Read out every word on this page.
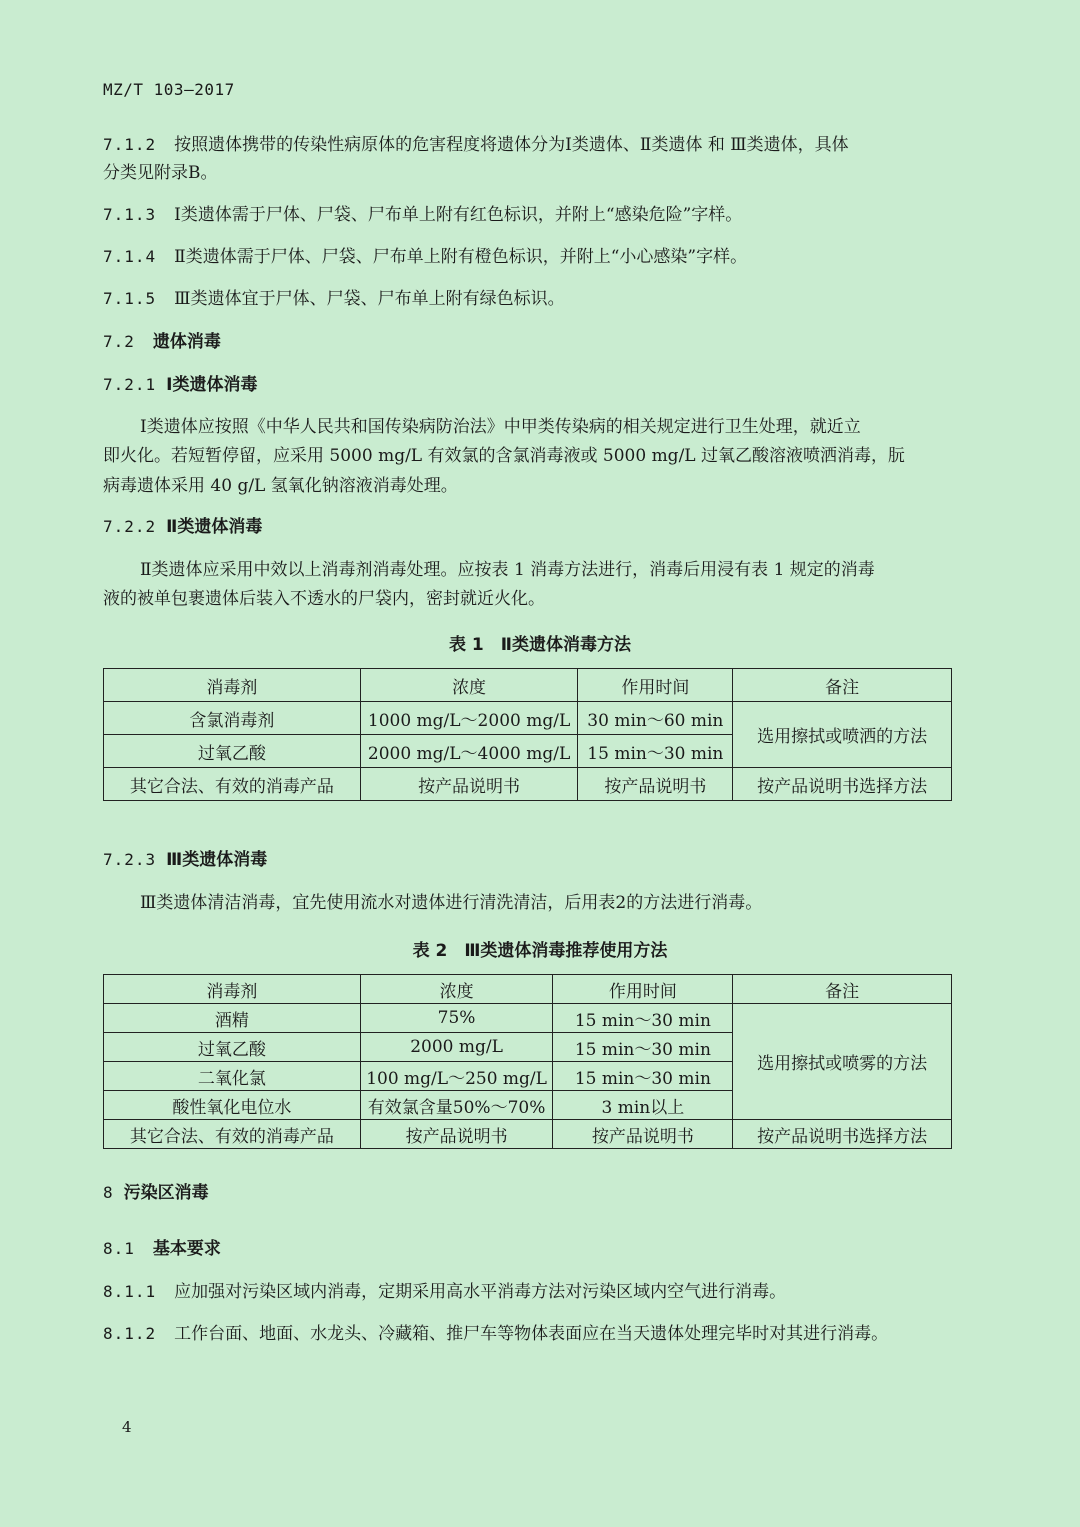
MZ/T 103—2017
7.1.2 按照遗体携带的传染性病原体的危害程度将遗体分为Ⅰ类遗体、Ⅱ类遗体 和 Ⅲ类遗体，具体
分类见附录B。
7.1.3 Ⅰ类遗体需于尸体、尸袋、尸布单上附有红色标识，并附上“感染危险”字样。
7.1.4 Ⅱ类遗体需于尸体、尸袋、尸布单上附有橙色标识，并附上“小心感染”字样。
7.1.5 Ⅲ类遗体宜于尸体、尸袋、尸布单上附有绿色标识。
7.2 遗体消毒
7.2.1 Ⅰ类遗体消毒
Ⅰ类遗体应按照《中华人民共和国传染病防治法》中甲类传染病的相关规定进行卫生处理，就近立
即火化。若短暂停留，应采用 5000 mg/L 有效氯的含氯消毒液或 5000 mg/L 过氧乙酸溶液喷洒消毒，朊
病毒遗体采用 40 g/L 氢氧化钠溶液消毒处理。
7.2.2 Ⅱ类遗体消毒
Ⅱ类遗体应采用中效以上消毒剂消毒处理。应按表 1 消毒方法进行，消毒后用浸有表 1 规定的消毒
液的被单包裹遗体后装入不透水的尸袋内，密封就近火化。
表 1　Ⅱ类遗体消毒方法
消毒剂	浓度	作用时间	备注
含氯消毒剂	1000 mg/L～2000 mg/L	30 min～60 min	选用擦拭或喷洒的方法
过氧乙酸	2000 mg/L～4000 mg/L	15 min～30 min	
其它合法、有效的消毒产品	按产品说明书	按产品说明书	按产品说明书选择方法
7.2.3 Ⅲ类遗体消毒
Ⅲ类遗体清洁消毒，宜先使用流水对遗体进行清洗清洁，后用表2的方法进行消毒。
表 2　Ⅲ类遗体消毒推荐使用方法
消毒剂	浓度	作用时间	备注
酒精	75%	15 min～30 min	选用擦拭或喷雾的方法
过氧乙酸	2000 mg/L	15 min～30 min	
二氧化氯	100 mg/L～250 mg/L	15 min～30 min	
酸性氧化电位水	有效氯含量50%～70%	3 min以上	
其它合法、有效的消毒产品	按产品说明书	按产品说明书	按产品说明书选择方法
8 污染区消毒
8.1 基本要求
8.1.1 应加强对污染区域内消毒，定期采用高水平消毒方法对污染区域内空气进行消毒。
8.1.2 工作台面、地面、水龙头、冷藏箱、推尸车等物体表面应在当天遗体处理完毕时对其进行消毒。
4
